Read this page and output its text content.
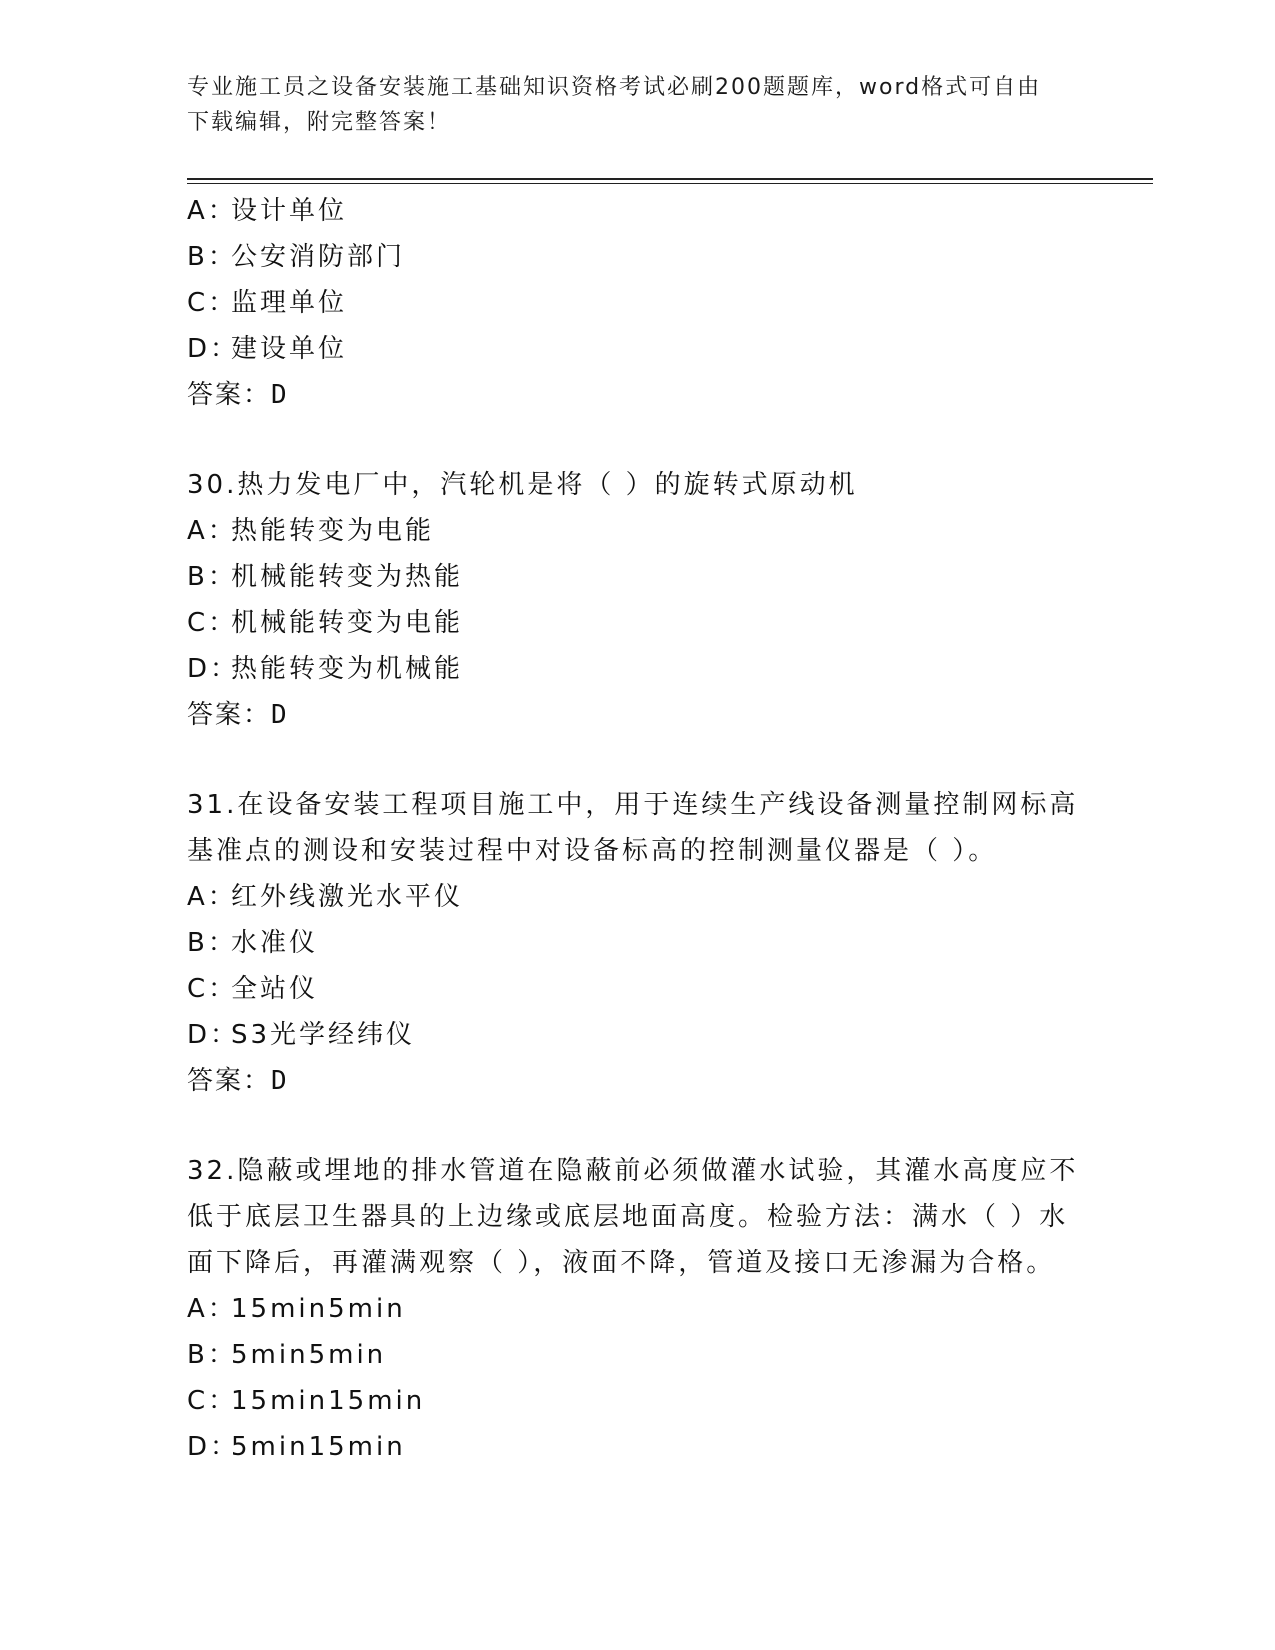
专业施工员之设备安装施工基础知识资格考试必刷200题题库，word格式可自由
下载编辑，附完整答案！
A：设计单位
B：公安消防部门
C：监理单位
D：建设单位
答案：D
30.热力发电厂中，汽轮机是将（ ）的旋转式原动机
A：热能转变为电能
B：机械能转变为热能
C：机械能转变为电能
D：热能转变为机械能
答案：D
31.在设备安装工程项目施工中，用于连续生产线设备测量控制网标高
基准点的测设和安装过程中对设备标高的控制测量仪器是（ ）。
A：红外线激光水平仪
B：水准仪
C：全站仪
D：S3光学经纬仪
答案：D
32.隐蔽或埋地的排水管道在隐蔽前必须做灌水试验，其灌水高度应不
低于底层卫生器具的上边缘或底层地面高度。检验方法：满水（ ）水
面下降后，再灌满观察（ ），液面不降，管道及接口无渗漏为合格。
A：15min5min
B：5min5min
C：15min15min
D：5min15min
